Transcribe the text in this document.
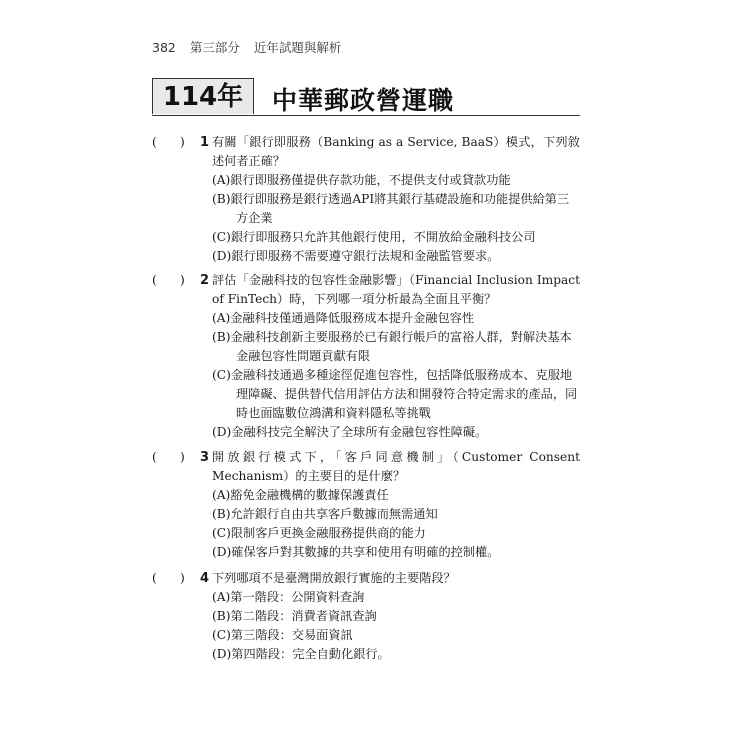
382 第三部分 近年試題與解析
114年	中華郵政營運職
( ) 1 有關「銀行即服務（Banking as a Service, BaaS）模式，下列敘述何者正確？
(A)銀行即服務僅提供存款功能，不提供支付或貸款功能
(B)銀行即服務是銀行透過API將其銀行基礎設施和功能提供給第三方企業
(C)銀行即服務只允許其他銀行使用，不開放給金融科技公司
(D)銀行即服務不需要遵守銀行法規和金融監管要求。
( ) 2 評估「金融科技的包容性金融影響」（Financial Inclusion Impact of FinTech）時，下列哪一項分析最為全面且平衡？
(A)金融科技僅通過降低服務成本提升金融包容性
(B)金融科技創新主要服務於已有銀行帳戶的富裕人群，對解決基本金融包容性問題貢獻有限
(C)金融科技通過多種途徑促進包容性，包括降低服務成本、克服地理障礙、提供替代信用評估方法和開發符合特定需求的產品，同時也面臨數位鴻溝和資料隱私等挑戰
(D)金融科技完全解決了全球所有金融包容性障礙。
( ) 3 開放銀行模式下，「客戶同意機制」（Customer Consent Mechanism）的主要目的是什麼？
(A)豁免金融機構的數據保護責任
(B)允許銀行自由共享客戶數據而無需通知
(C)限制客戶更換金融服務提供商的能力
(D)確保客戶對其數據的共享和使用有明確的控制權。
( ) 4 下列哪項不是臺灣開放銀行實施的主要階段？
(A)第一階段：公開資料查詢
(B)第二階段：消費者資訊查詢
(C)第三階段：交易面資訊
(D)第四階段：完全自動化銀行。
